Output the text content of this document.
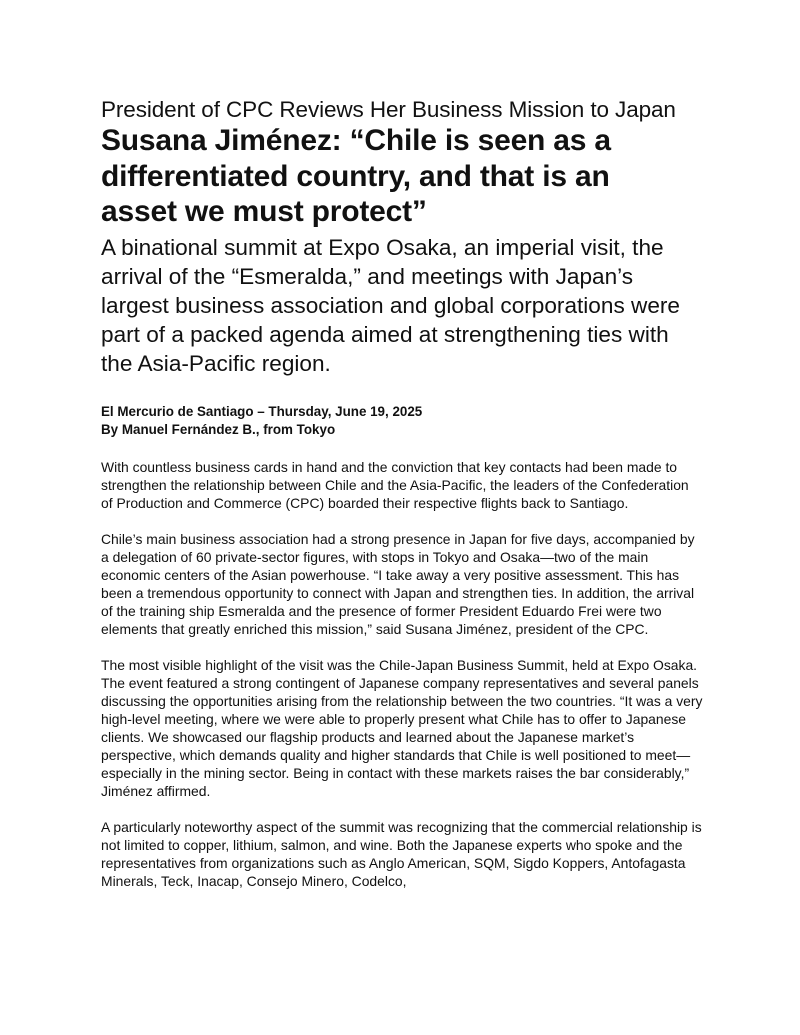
President of CPC Reviews Her Business Mission to Japan
Susana Jiménez: “Chile is seen as a differentiated country, and that is an asset we must protect”

A binational summit at Expo Osaka, an imperial visit, the arrival of the “Esmeralda,” and meetings with Japan’s largest business association and global corporations were part of a packed agenda aimed at strengthening ties with the Asia-Pacific region.

El Mercurio de Santiago – Thursday, June 19, 2025
By Manuel Fernández B., from Tokyo

With countless business cards in hand and the conviction that key contacts had been made to strengthen the relationship between Chile and the Asia-Pacific, the leaders of the Confederation of Production and Commerce (CPC) boarded their respective flights back to Santiago.

Chile’s main business association had a strong presence in Japan for five days, accompanied by a delegation of 60 private-sector figures, with stops in Tokyo and Osaka—two of the main economic centers of the Asian powerhouse. “I take away a very positive assessment. This has been a tremendous opportunity to connect with Japan and strengthen ties. In addition, the arrival of the training ship Esmeralda and the presence of former President Eduardo Frei were two elements that greatly enriched this mission,” said Susana Jiménez, president of the CPC.

The most visible highlight of the visit was the Chile-Japan Business Summit, held at Expo Osaka. The event featured a strong contingent of Japanese company representatives and several panels discussing the opportunities arising from the relationship between the two countries. “It was a very high-level meeting, where we were able to properly present what Chile has to offer to Japanese clients. We showcased our flagship products and learned about the Japanese market’s perspective, which demands quality and higher standards that Chile is well positioned to meet—especially in the mining sector. Being in contact with these markets raises the bar considerably,” Jiménez affirmed.

A particularly noteworthy aspect of the summit was recognizing that the commercial relationship is not limited to copper, lithium, salmon, and wine. Both the Japanese experts who spoke and the representatives from organizations such as Anglo American, SQM, Sigdo Koppers, Antofagasta Minerals, Teck, Inacap, Consejo Minero, Codelco,
